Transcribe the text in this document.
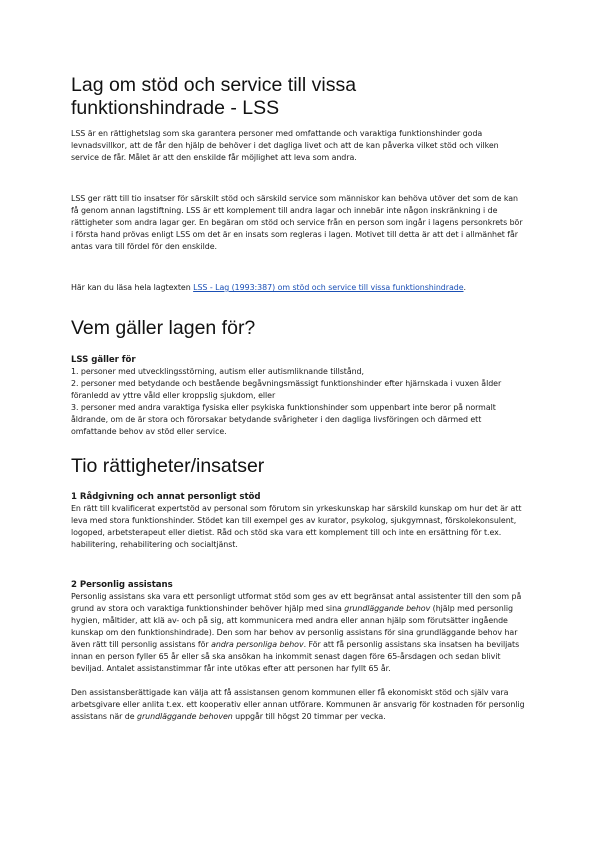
Lag om stöd och service till vissa funktionshindrade - LSS

LSS är en rättighetslag som ska garantera personer med omfattande och varaktiga funktionshinder goda levnadsvillkor, att de får den hjälp de behöver i det dagliga livet och att de kan påverka vilket stöd och vilken service de får. Målet är att den enskilde får möjlighet att leva som andra.

LSS ger rätt till tio insatser för särskilt stöd och särskild service som människor kan behöva utöver det som de kan få genom annan lagstiftning. LSS är ett komplement till andra lagar och innebär inte någon inskränkning i de rättigheter som andra lagar ger. En begäran om stöd och service från en person som ingår i lagens personkrets bör i första hand prövas enligt LSS om det är en insats som regleras i lagen. Motivet till detta är att det i allmänhet får antas vara till fördel för den enskilde.

Här kan du läsa hela lagtexten LSS - Lag (1993:387) om stöd och service till vissa funktionshindrade.

Vem gäller lagen för?

LSS gäller för

1. personer med utvecklingsstörning, autism eller autismliknande tillstånd,

2. personer med betydande och bestående begåvningsmässigt funktionshinder efter hjärnskada i vuxen ålder föranledd av yttre våld eller kroppslig sjukdom, eller

3. personer med andra varaktiga fysiska eller psykiska funktionshinder som uppenbart inte beror på normalt åldrande, om de är stora och förorsakar betydande svårigheter i den dagliga livsföringen och därmed ett omfattande behov av stöd eller service.

Tio rättigheter/insatser

1 Rådgivning och annat personligt stöd

En rätt till kvalificerat expertstöd av personal som förutom sin yrkeskunskap har särskild kunskap om hur det är att leva med stora funktionshinder. Stödet kan till exempel ges av kurator, psykolog, sjukgymnast, förskolekonsulent, logoped, arbetsterapeut eller dietist. Råd och stöd ska vara ett komplement till och inte en ersättning för t.ex. habilitering, rehabilitering och socialtjänst.

2 Personlig assistans

Personlig assistans ska vara ett personligt utformat stöd som ges av ett begränsat antal assistenter till den som på grund av stora och varaktiga funktionshinder behöver hjälp med sina grundläggande behov (hjälp med personlig hygien, måltider, att klä av- och på sig, att kommunicera med andra eller annan hjälp som förutsätter ingående kunskap om den funktionshindrade). Den som har behov av personlig assistans för sina grundläggande behov har även rätt till personlig assistans för andra personliga behov. För att få personlig assistans ska insatsen ha beviljats innan en person fyller 65 år eller så ska ansökan ha inkommit senast dagen före 65-årsdagen och sedan blivit beviljad. Antalet assistanstimmar får inte utökas efter att personen har fyllt 65 år.

Den assistansberättigade kan välja att få assistansen genom kommunen eller få ekonomiskt stöd och själv vara arbetsgivare eller anlita t.ex. ett kooperativ eller annan utförare. Kommunen är ansvarig för kostnaden för personlig assistans när de grundläggande behoven uppgår till högst 20 timmar per vecka.
